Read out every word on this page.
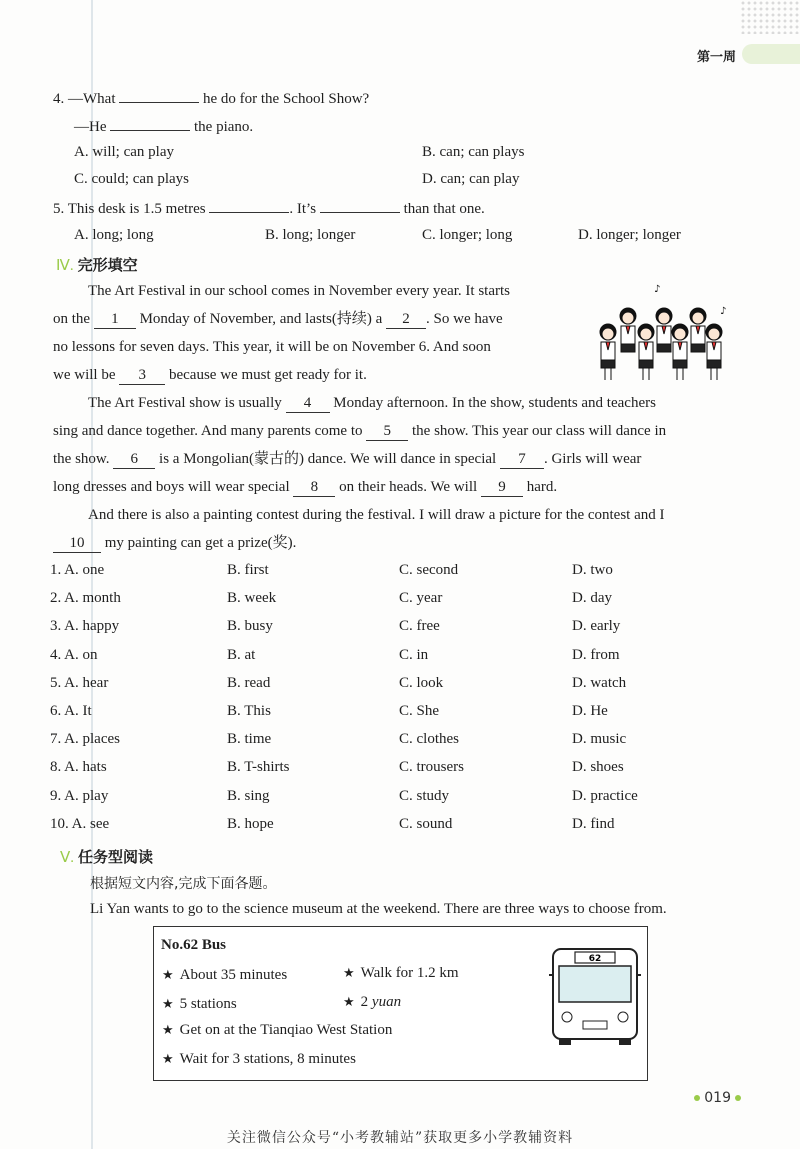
第一周
4. —What	he do for the School Show?
—He	the piano.
A. will; can play	B. can; can plays
C. could; can plays	D. can; can play
5. This desk is 1.5 metres	. It’s	than that one.
A. long; long	B. long; longer	C. longer; long	D. longer; longer
Ⅳ. 完形填空
The Art Festival in our school comes in November every year. It starts
on the 1 Monday of November, and lasts(持续) a 2 . So we have
no lessons for seven days. This year, it will be on November 6. And soon
we will be 3 because we must get ready for it.
♪
♪
The Art Festival show is usually 4 Monday afternoon. In the show, students and teachers
sing and dance together. And many parents come to 5 the show. This year our class will dance in
the show. 6 is a Mongolian(蒙古的) dance. We will dance in special 7 . Girls will wear
long dresses and boys will wear special 8 on their heads. We will 9 hard.
And there is also a painting contest during the festival. I will draw a picture for the contest and I
10 my painting can get a prize(奖).
1. A. one	B. first	C. second	D. two
2. A. month	B. week	C. year	D. day
3. A. happy	B. busy	C. free	D. early
4. A. on	B. at	C. in	D. from
5. A. hear	B. read	C. look	D. watch
6. A. It	B. This	C. She	D. He
7. A. places	B. time	C. clothes	D. music
8. A. hats	B. T-shirts	C. trousers	D. shoes
9. A. play	B. sing	C. study	D. practice
10. A. see	B. hope	C. sound	D. find
Ⅴ. 任务型阅读
根据短文内容,完成下面各题。
Li Yan wants to go to the science museum at the weekend. There are three ways to choose from.
No.62 Bus
★ About 35 minutes	★ Walk for 1.2 km
★ 5 stations	★ 2 yuan
★ Get on at the Tianqiao West Station
★ Wait for 3 stations, 8 minutes
62
019
关注微信公众号“小考教辅站”获取更多小学教辅资料
